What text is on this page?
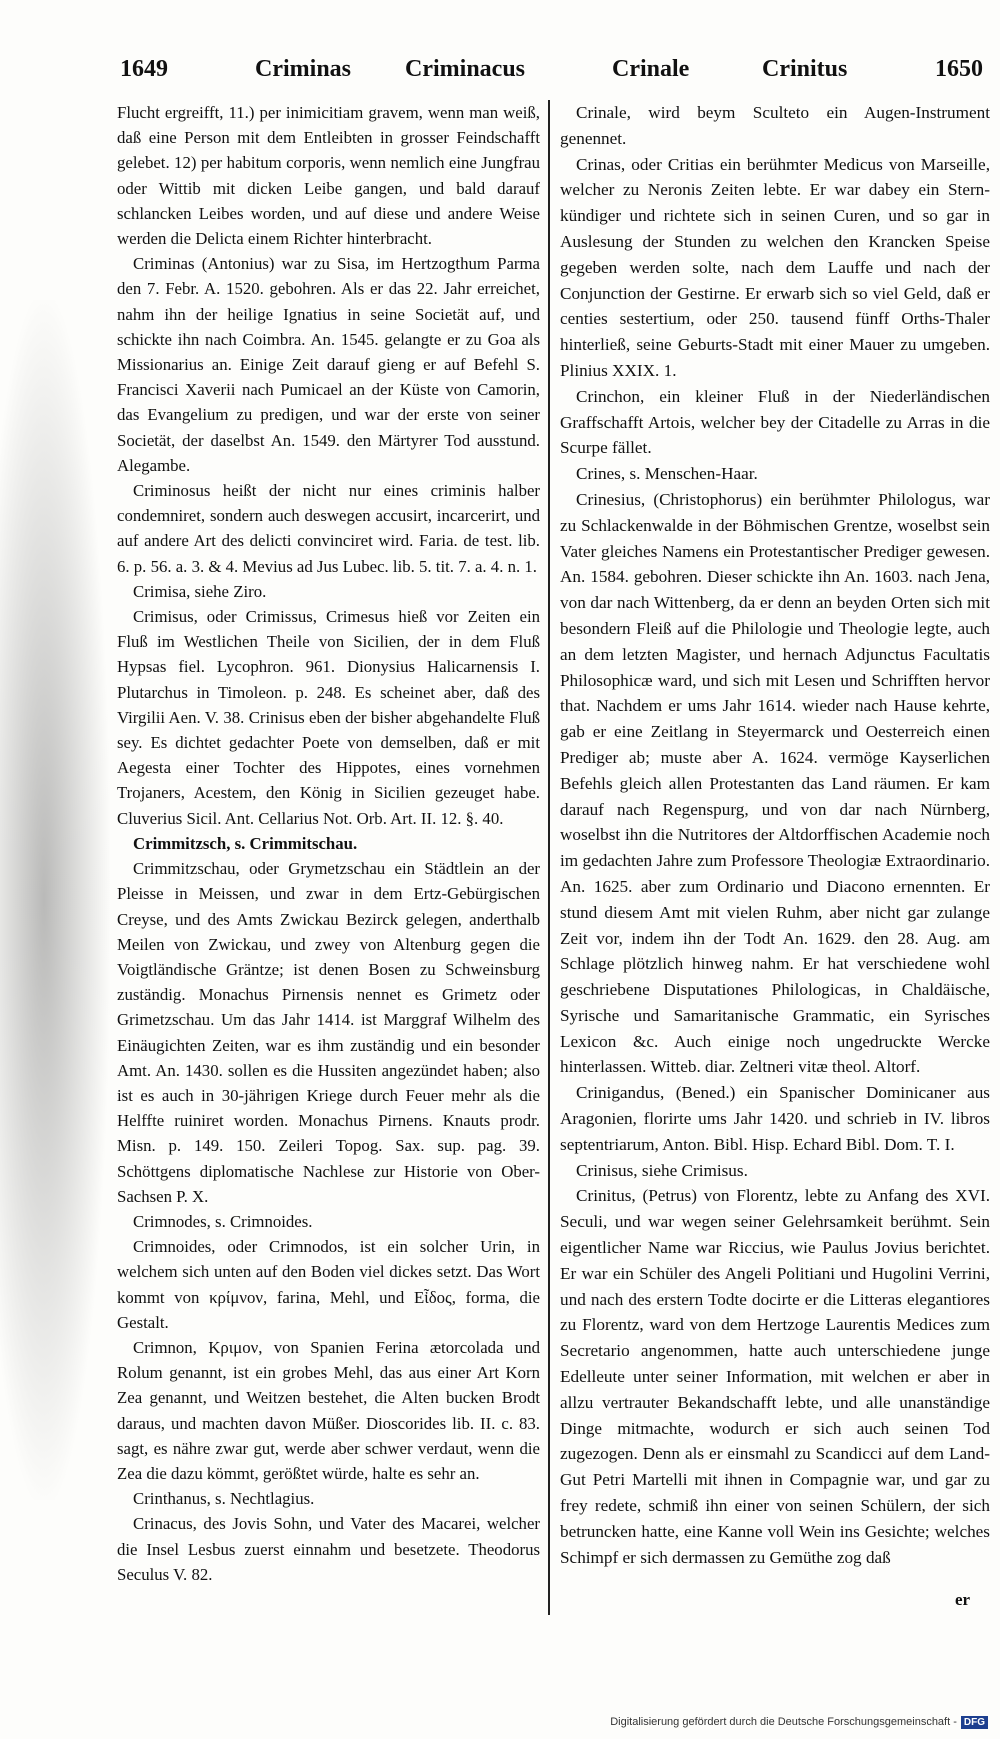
1649	Criminas Criminacus	Crinale	Crinitus	1650

Flucht ergreifft, 11.) per inimicitiam gravem, wenn man weiß, daß eine Person mit dem Entleibten in grosser Feindschafft gelebet. 12) per habitum corporis, wenn nemlich eine Jungfrau oder Wittib mit dicken Leibe gangen, und bald darauf schlancken Leibes worden, und auf diese und andere Weise werden die Delicta einem Richter hinterbracht.

Criminas (Antonius) war zu Sisa, im Hertzogthum Parma den 7. Febr. A. 1520. gebohren. Als er das 22. Jahr erreichet, nahm ihn der heilige Ignatius in seine Societät auf, und schickte ihn nach Coimbra. An. 1545. gelangte er zu Goa als Missionarius an. Einige Zeit darauf gieng er auf Befehl S. Francisci Xaverii nach Pumicael an der Küste von Camorin, das Evangelium zu predigen, und war der erste von seiner Societät, der daselbst An. 1549. den Märtyrer Tod ausstund. Alegambe.

Criminosus heißt der nicht nur eines criminis halber condemniret, sondern auch deswegen accusirt, incarcerirt, und auf andere Art des delicti convinciret wird. Faria. de test. lib. 6. p. 56. a. 3. & 4. Mevius ad Jus Lubec. lib. 5. tit. 7. a. 4. n. 1.

Crimisa, siehe Ziro.

Crimisus, oder Crimissus, Crimesus hieß vor Zeiten ein Fluß im Westlichen Theile von Sicilien, der in dem Fluß Hypsas fiel. Lycophron. 961. Dionysius Halicarnensis I. Plutarchus in Timoleon. p. 248. Es scheinet aber, daß des Virgilii Aen. V. 38. Crinisus eben der bisher abgehandelte Fluß sey. Es dichtet gedachter Poete von demselben, daß er mit Aegesta einer Tochter des Hippotes, eines vornehmen Trojaners, Acestem, den König in Sicilien gezeuget habe. Cluverius Sicil. Ant. Cellarius Not. Orb. Art. II. 12. §. 40.

Crimmitzsch, s. Crimmitschau.

Crimmitzschau, oder Grymetzschau ein Städtlein an der Pleisse in Meissen, und zwar in dem Ertz-Gebürgischen Creyse, und des Amts Zwickau Bezirck gelegen, anderthalb Meilen von Zwickau, und zwey von Altenburg gegen die Voigtländische Gräntze; ist denen Bosen zu Schweinsburg zuständig. Monachus Pirnensis nennet es Grimetz oder Grimetzschau. Um das Jahr 1414. ist Marggraf Wilhelm des Einäugichten Zeiten, war es ihm zuständig und ein besonder Amt. An. 1430. sollen es die Hussiten angezündet haben; also ist es auch in 30-jährigen Kriege durch Feuer mehr als die Helffte ruiniret worden. Monachus Pirnens. Knauts prodr. Misn. p. 149. 150. Zeileri Topog. Sax. sup. pag. 39. Schöttgens diplomatische Nachlese zur Historie von Ober-Sachsen P. X.

Crimnodes, s. Crimnoides.

Crimnoides, oder Crimnodos, ist ein solcher Urin, in welchem sich unten auf den Boden viel dickes setzt. Das Wort kommt von κρίμνον, farina, Mehl, und Eἶδος, forma, die Gestalt.

Crimnon, Κριμον, von Spanien Ferina ætorcolada und Rolum genannt, ist ein grobes Mehl, das aus einer Art Korn Zea genannt, und Weitzen bestehet, die Alten bucken Brodt daraus, und machten davon Müßer. Dioscorides lib. II. c. 83. sagt, es nähre zwar gut, werde aber schwer verdaut, wenn die Zea die dazu kömmt, gerößtet würde, halte es sehr an.

Crinthanus, s. Nechtlagius.

Crinacus, des Jovis Sohn, und Vater des Macarei, welcher die Insel Lesbus zuerst einnahm und besetzete. Theodorus Seculus V. 82.

Crinale, wird beym Sculteto ein Augen-Instrument genennet.

Crinas, oder Critias ein berühmter Medicus von Marseille, welcher zu Neronis Zeiten lebte. Er war dabey ein Stern-kündiger und richtete sich in seinen Curen, und so gar in Auslesung der Stunden zu welchen den Krancken Speise gegeben werden solte, nach dem Lauffe und nach der Conjunction der Gestirne. Er erwarb sich so viel Geld, daß er centies sestertium, oder 250. tausend fünff Orths-Thaler hinterließ, seine Geburts-Stadt mit einer Mauer zu umgeben. Plinius XXIX. 1.

Crinchon, ein kleiner Fluß in der Niederländischen Graffschafft Artois, welcher bey der Citadelle zu Arras in die Scurpe fället.

Crines, s. Menschen-Haar.

Crinesius, (Christophorus) ein berühmter Philologus, war zu Schlackenwalde in der Böhmischen Grentze, woselbst sein Vater gleiches Namens ein Protestantischer Prediger gewesen. An. 1584. gebohren. Dieser schickte ihn An. 1603. nach Jena, von dar nach Wittenberg, da er denn an beyden Orten sich mit besondern Fleiß auf die Philologie und Theologie legte, auch an dem letzten Magister, und hernach Adjunctus Facultatis Philosophicæ ward, und sich mit Lesen und Schrifften hervor that. Nachdem er ums Jahr 1614. wieder nach Hause kehrte, gab er eine Zeitlang in Steyermarck und Oesterreich einen Prediger ab; muste aber A. 1624. vermöge Kayserlichen Befehls gleich allen Protestanten das Land räumen. Er kam darauf nach Regenspurg, und von dar nach Nürnberg, woselbst ihn die Nutritores der Altdorffischen Academie noch im gedachten Jahre zum Professore Theologiæ Extraordinario. An. 1625. aber zum Ordinario und Diacono ernennten. Er stund diesem Amt mit vielen Ruhm, aber nicht gar zulange Zeit vor, indem ihn der Todt An. 1629. den 28. Aug. am Schlage plötzlich hinweg nahm. Er hat verschiedene wohl geschriebene Disputationes Philologicas, in Chaldäische, Syrische und Samaritanische Grammatic, ein Syrisches Lexicon &c. Auch einige noch ungedruckte Wercke hinterlassen. Witteb. diar. Zeltneri vitæ theol. Altorf.

Crinigandus, (Bened.) ein Spanischer Dominicaner aus Aragonien, florirte ums Jahr 1420. und schrieb in IV. libros septentriarum, Anton. Bibl. Hisp. Echard Bibl. Dom. T. I.

Crinisus, siehe Crimisus.

Crinitus, (Petrus) von Florentz, lebte zu Anfang des XVI. Seculi, und war wegen seiner Gelehrsamkeit berühmt. Sein eigentlicher Name war Riccius, wie Paulus Jovius berichtet. Er war ein Schüler des Angeli Politiani und Hugolini Verrini, und nach des erstern Todte docirte er die Litteras elegantiores zu Florentz, ward von dem Hertzoge Laurentis Medices zum Secretario angenommen, hatte auch unterschiedene junge Edelleute unter seiner Information, mit welchen er aber in allzu vertrauter Bekandschafft lebte, und alle unanständige Dinge mitmachte, wodurch er sich auch seinen Tod zugezogen. Denn als er einsmahl zu Scandicci auf dem Land-Gut Petri Martelli mit ihnen in Compagnie war, und gar zu frey redete, schmiß ihn einer von seinen Schülern, der sich betruncken hatte, eine Kanne voll Wein ins Gesichte; welches Schimpf er sich dermassen zu Gemüthe zog daß

er
Digitalisierung gefördert durch die Deutsche Forschungsgemeinschaft - DFG
